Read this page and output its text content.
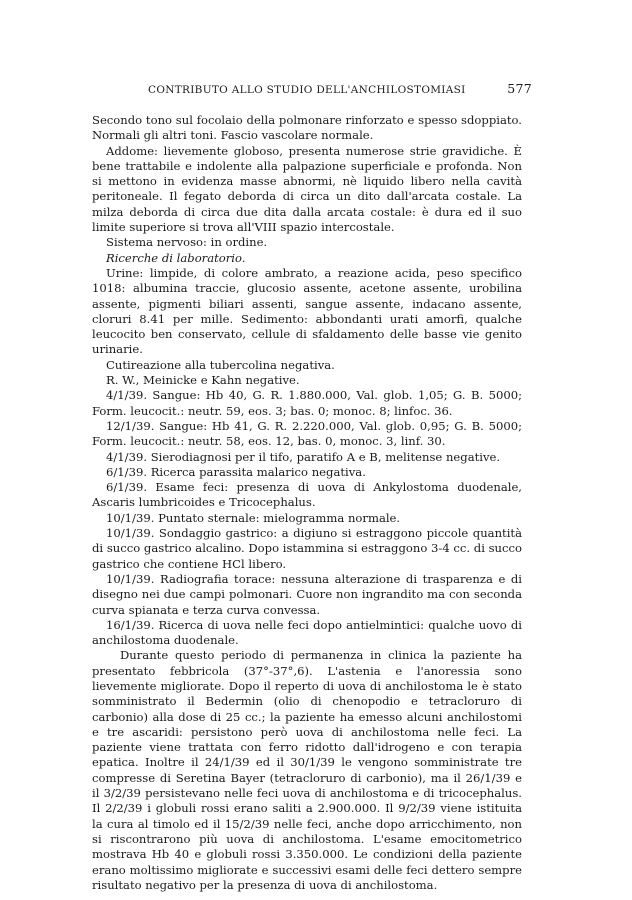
CONTRIBUTO ALLO STUDIO DELL'ANCHILOSTOMIASI	577

Secondo tono sul focolaio della polmonare rinforzato e spesso sdoppiato. Normali gli altri toni. Fascio vascolare normale.

Addome: lievemente globoso, presenta numerose strie gravidiche. È bene trattabile e indolente alla palpazione superficiale e profonda. Non si mettono in evidenza masse abnormi, nè liquido libero nella cavità peritoneale. Il fegato deborda di circa un dito dall'arcata costale. La milza deborda di circa due dita dalla arcata costale: è dura ed il suo limite superiore si trova all'VIII spazio intercostale.

Sistema nervoso: in ordine.

Ricerche di laboratorio.

Urine: limpide, di colore ambrato, a reazione acida, peso specifico 1018: albumina traccie, glucosio assente, acetone assente, urobilina assente, pigmenti biliari assenti, sangue assente, indacano assente, cloruri 8.41 per mille. Sedimento: abbondanti urati amorfi, qualche leucocito ben conservato, cellule di sfaldamento delle basse vie genito urinarie.

Cutireazione alla tubercolina negativa.

R. W., Meinicke e Kahn negative.

4/1/39. Sangue: Hb 40, G. R. 1.880.000, Val. glob. 1,05; G. B. 5000; Form. leucocit.: neutr. 59, eos. 3; bas. 0; monoc. 8; linfoc. 36.

12/1/39. Sangue: Hb 41, G. R. 2.220.000, Val. glob. 0,95; G. B. 5000; Form. leucocit.: neutr. 58, eos. 12, bas. 0, monoc. 3, linf. 30.

4/1/39. Sierodiagnosi per il tifo, paratifo A e B, melitense negative.

6/1/39. Ricerca parassita malarico negativa.

6/1/39. Esame feci: presenza di uova di Ankylostoma duodenale, Ascaris lumbricoides e Tricocephalus.

10/1/39. Puntato sternale: mielogramma normale.

10/1/39. Sondaggio gastrico: a digiuno si estraggono piccole quantità di succo gastrico alcalino. Dopo istammina si estraggono 3-4 cc. di succo gastrico che contiene HCl libero.

10/1/39. Radiografia torace: nessuna alterazione di trasparenza e di disegno nei due campi polmonari. Cuore non ingrandito ma con seconda curva spianata e terza curva convessa.

16/1/39. Ricerca di uova nelle feci dopo antielmintici: qualche uovo di anchilostoma duodenale.

Durante questo periodo di permanenza in clinica la paziente ha presentato febbricola (37°-37°,6). L'astenia e l'anoressia sono lievemente migliorate. Dopo il reperto di uova di anchilostoma le è stato somministrato il Bedermin (olio di chenopodio e tetracloruro di carbonio) alla dose di 25 cc.; la paziente ha emesso alcuni anchilostomi e tre ascaridi: persistono però uova di anchilostoma nelle feci. La paziente viene trattata con ferro ridotto dall'idrogeno e con terapia epatica. Inoltre il 24/1/39 ed il 30/1/39 le vengono somministrate tre compresse di Seretina Bayer (tetracloruro di carbonio), ma il 26/1/39 e il 3/2/39 persistevano nelle feci uova di anchilostoma e di tricocephalus. Il 2/2/39 i globuli rossi erano saliti a 2.900.000. Il 9/2/39 viene istituita la cura al timolo ed il 15/2/39 nelle feci, anche dopo arricchimento, non si riscontrarono più uova di anchilostoma. L'esame emocitometrico mostrava Hb 40 e globuli rossi 3.350.000. Le condizioni della paziente erano moltissimo migliorate e successivi esami delle feci dettero sempre risultato negativo per la presenza di uova di anchilostoma.
